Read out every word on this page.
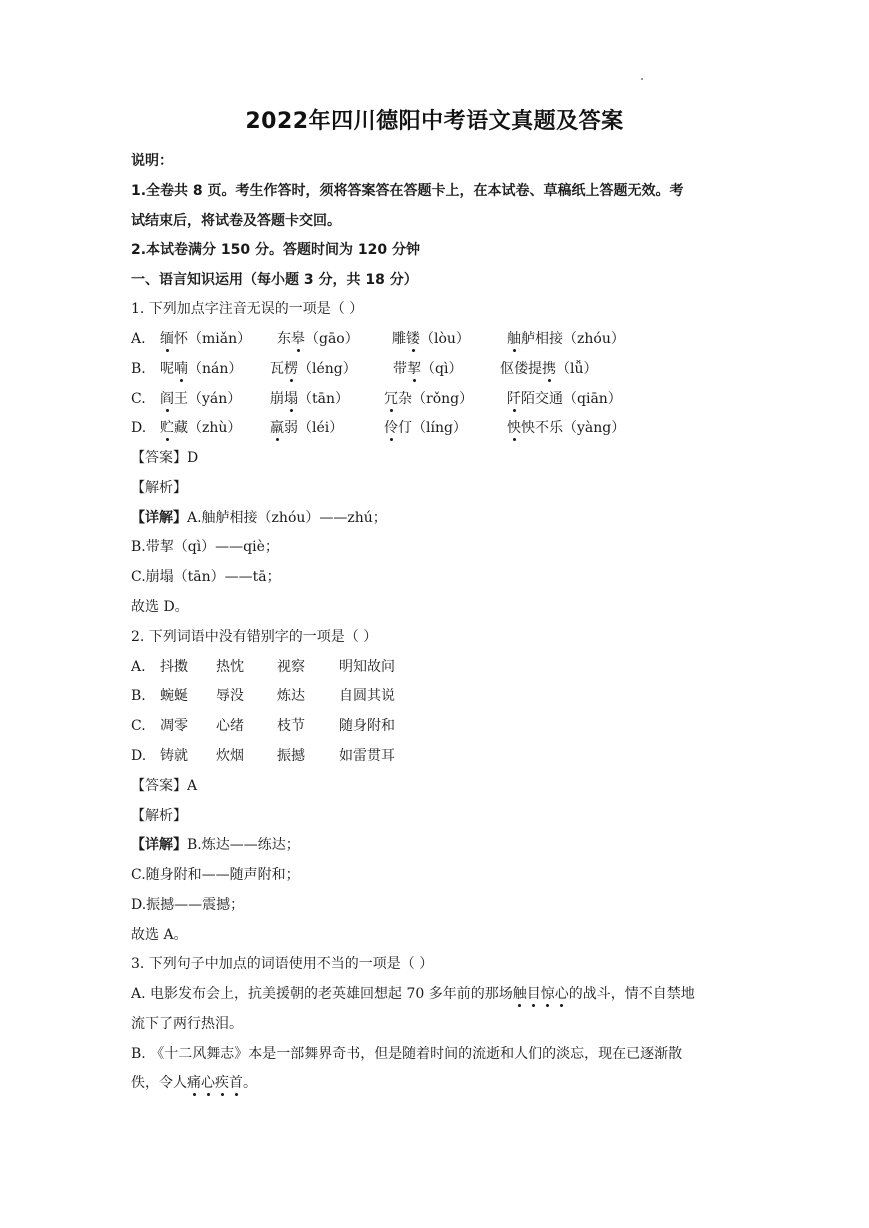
2022年四川德阳中考语文真题及答案
说明：
1.全卷共 8 页。考生作答时，须将答案答在答题卡上，在本试卷、草稿纸上答题无效。考
试结束后，将试卷及答题卡交回。
2.本试卷满分 150 分。答题时间为 120 分钟
一、语言知识运用（每小题 3 分，共 18 分）
1. 下列加点字注音无误的一项是（ ）
A. 缅怀（miǎn） 东皋（gāo） 雕镂（lòu）	舳舻相接（zhóu）
B. 呢喃（nán） 瓦楞（léng）	带挈（qì）	伛偻提携（lǚ）
C. 阎王（yán） 崩塌（tān）	冗杂（rǒng） 阡陌交通（qiān）
D. 贮藏（zhù） 羸弱（léi）	伶仃（líng）	怏怏不乐（yàng）
【答案】D
【解析】
【详解】A.舳舻相接（zhóu）——zhú；
B.带挈（qì）——qiè；
C.崩塌（tān）——tā；
故选 D。
2. 下列词语中没有错别字的一项是（ ）
A. 抖擞 热忱 视察 明知故问
B. 蜿蜒 辱没 炼达 自圆其说
C. 凋零 心绪 枝节 随身附和
D. 铸就 炊烟 振撼 如雷贯耳
【答案】A
【解析】
【详解】B.炼达——练达；
C.随身附和——随声附和；
D.振撼——震撼；
故选 A。
3. 下列句子中加点的词语使用不当的一项是（ ）
A. 电影发布会上，抗美援朝的老英雄回想起 70 多年前的那场触目惊心的战斗，情不自禁地
流下了两行热泪。
B. 《十二风舞志》本是一部舞界奇书，但是随着时间的流逝和人们的淡忘，现在已逐渐散
佚，令人痛心疾首。
